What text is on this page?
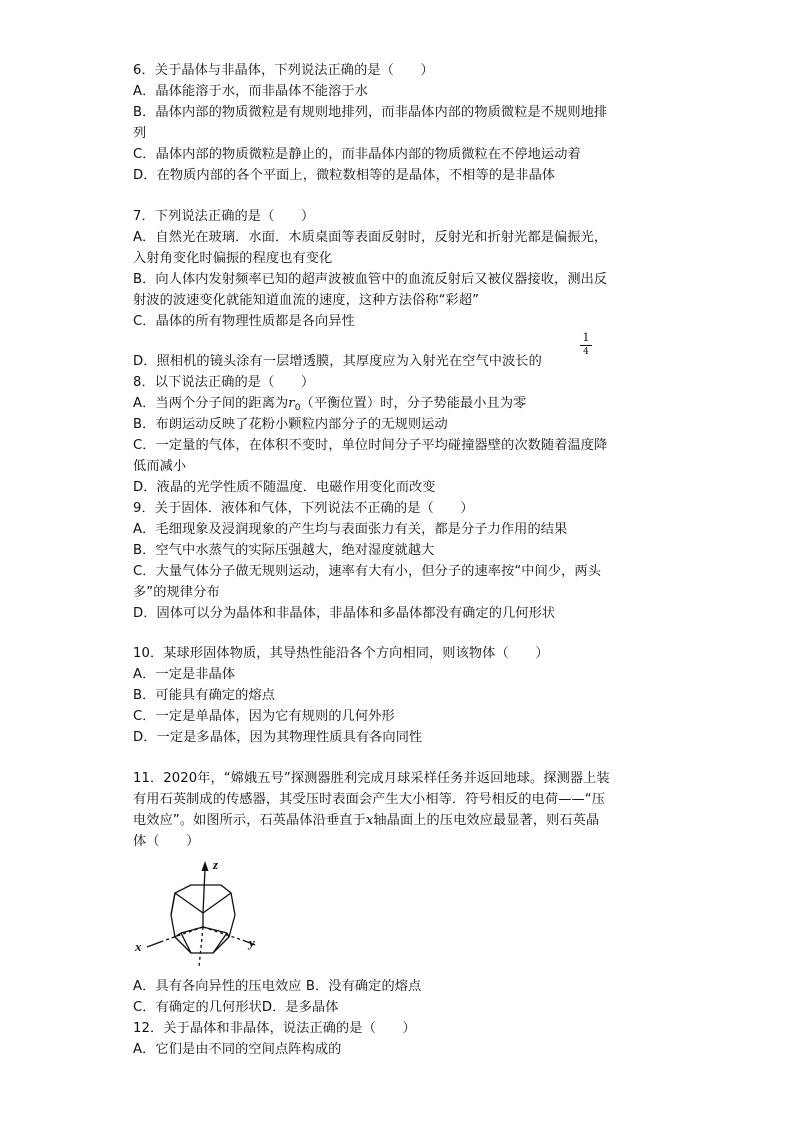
6．关于晶体与非晶体，下列说法正确的是（　　）
A．晶体能溶于水，而非晶体不能溶于水
B．晶体内部的物质微粒是有规则地排列，而非晶体内部的物质微粒是不规则地排
列
C．晶体内部的物质微粒是静止的，而非晶体内部的物质微粒在不停地运动着
D．在物质内部的各个平面上，微粒数相等的是晶体，不相等的是非晶体
7．下列说法正确的是（　　）
A．自然光在玻璃．水面．木质桌面等表面反射时，反射光和折射光都是偏振光，
入射角变化时偏振的程度也有变化
B．向人体内发射频率已知的超声波被血管中的血流反射后又被仪器接收，测出反
射波的波速变化就能知道血流的速度，这种方法俗称“彩超”
C．晶体的所有物理性质都是各向异性
1
4
D．照相机的镜头涂有一层增透膜，其厚度应为入射光在空气中波长的
8．以下说法正确的是（　　）
A．当两个分子间的距离为$r_0$（平衡位置）时，分子势能最小且为零
B．布朗运动反映了花粉小颗粒内部分子的无规则运动
C．一定量的气体，在体积不变时，单位时间分子平均碰撞器壁的次数随着温度降
低而减小
D．液晶的光学性质不随温度．电磁作用变化而改变
9．关于固体．液体和气体，下列说法不正确的是（　　）
A．毛细现象及浸润现象的产生均与表面张力有关，都是分子力作用的结果
B．空气中水蒸气的实际压强越大，绝对湿度就越大
C．大量气体分子做无规则运动，速率有大有小，但分子的速率按“中间少，两头
多”的规律分布
D．固体可以分为晶体和非晶体，非晶体和多晶体都没有确定的几何形状
10．某球形固体物质，其导热性能沿各个方向相同，则该物体（　　）
A．一定是非晶体
B．可能具有确定的熔点
C．一定是单晶体，因为它有规则的几何外形
D．一定是多晶体，因为其物理性质具有各向同性
11．2020年，“嫦娥五号”探测器胜利完成月球采样任务并返回地球。探测器上装
有用石英制成的传感器，其受压时表面会产生大小相等．符号相反的电荷——“压
电效应”。如图所示，石英晶体沿垂直于x轴晶面上的压电效应最显著，则石英晶
体（　　）
z
x	y
A．具有各向异性的压电效应 B．没有确定的熔点
C．有确定的几何形状D．是多晶体
12．关于晶体和非晶体，说法正确的是（　　）
A．它们是由不同的空间点阵构成的
